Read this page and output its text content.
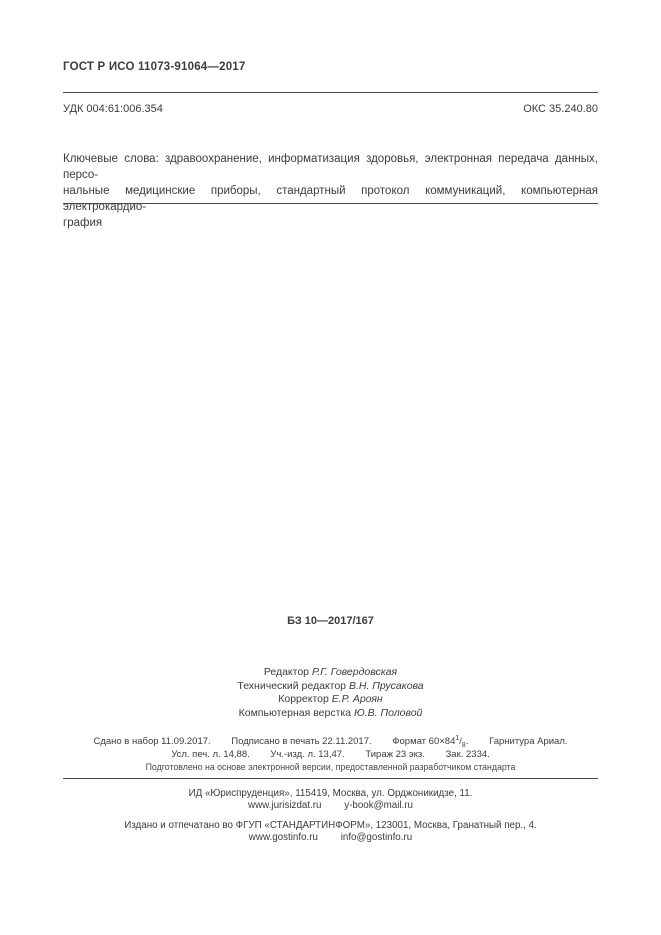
ГОСТ Р ИСО 11073-91064—2017
УДК 004:61:006.354	ОКС 35.240.80
Ключевые слова: здравоохранение, информатизация здоровья, электронная передача данных, персо-
нальные медицинские приборы, стандартный протокол коммуникаций, компьютерная электрокардио-
графия
БЗ 10—2017/167
Редактор Р.Г. Говердовская
Технический редактор В.Н. Прусакова
Корректор Е.Р. Ароян
Компьютерная верстка Ю.В. Половой
Сдано в набор 11.09.2017. Подписано в печать 22.11.2017. Формат $60\times 84^1/_8$. Гарнитура Ариал.
Усл. печ. л. 14,88. Уч.-изд. л. 13,47. Тираж 23 экз. Зак. 2334.
Подготовлено на основе электронной версии, предоставленной разработчиком стандарта
ИД «Юриспруденция», 115419, Москва, ул. Орджоникидзе, 11.
www.jurisizdat.ru y-book@mail.ru
Издано и отпечатано во ФГУП «СТАНДАРТИНФОРМ», 123001, Москва, Гранатный пер., 4.
www.gostinfo.ru info@gostinfo.ru
